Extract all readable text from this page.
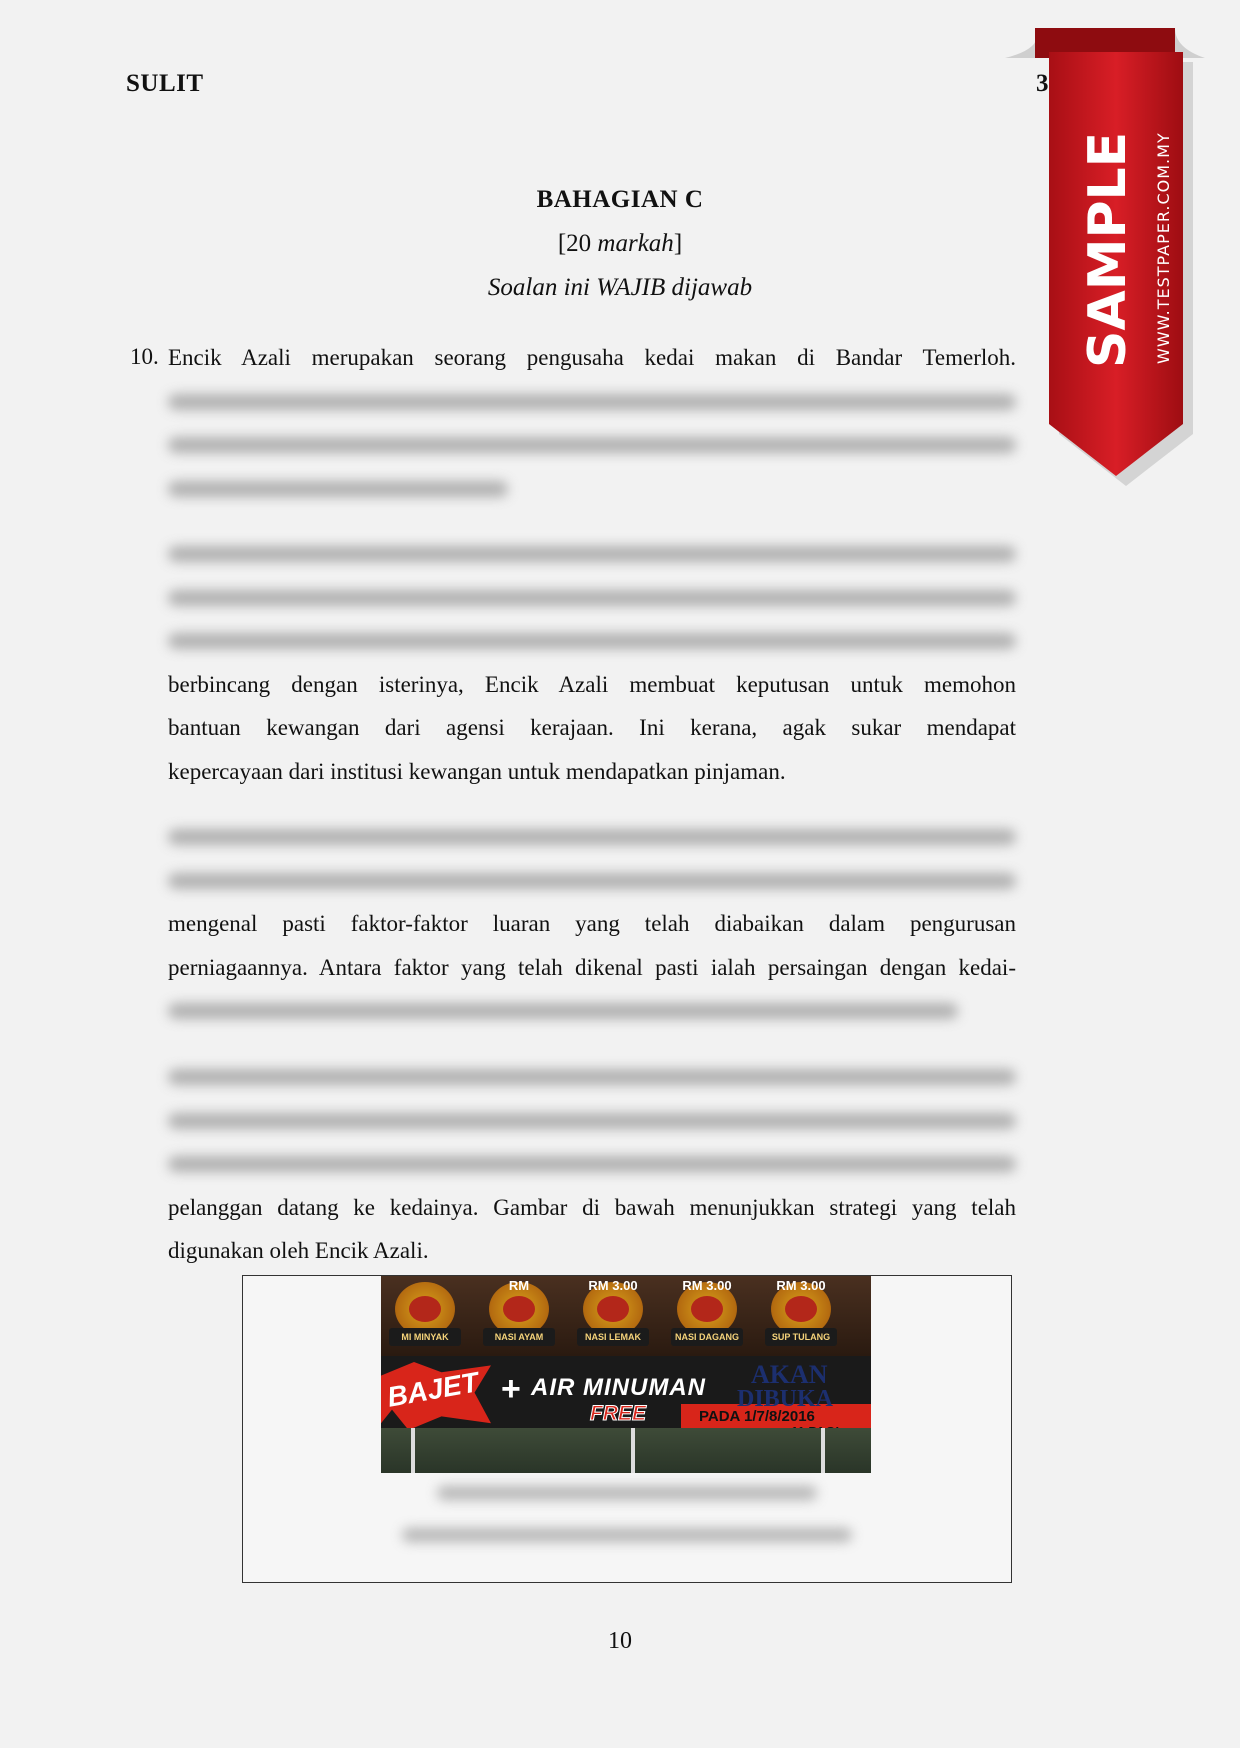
SULIT	3
BAHAGIAN C
[20 markah]
Soalan ini WAJIB dijawab
10. Encik Azali merupakan seorang pengusaha kedai makan di Bandar Temerloh.
berbincang dengan isterinya, Encik Azali membuat keputusan untuk memohon
bantuan kewangan dari agensi kerajaan. Ini kerana, agak sukar mendapat
kepercayaan dari institusi kewangan untuk mendapatkan pinjaman.
mengenal pasti faktor-faktor luaran yang telah diabaikan dalam pengurusan
perniagaannya. Antara faktor yang telah dikenal pasti ialah persaingan dengan kedai-
pelanggan datang ke kedainya. Gambar di bawah menunjukkan strategi yang telah
digunakan oleh Encik Azali.
MI MINYAK
RM
NASI AYAM
RM 3.00
NASI LEMAK
RM 3.00
NASI DAGANG
RM 3.00
SUP TULANG
BAJET + AIR MINUMAN
FREE
AKAN
DIBUKA
PADA 1/7/8/2016
10
SAMPLE WWW.TESTPAPER.COM.MY
